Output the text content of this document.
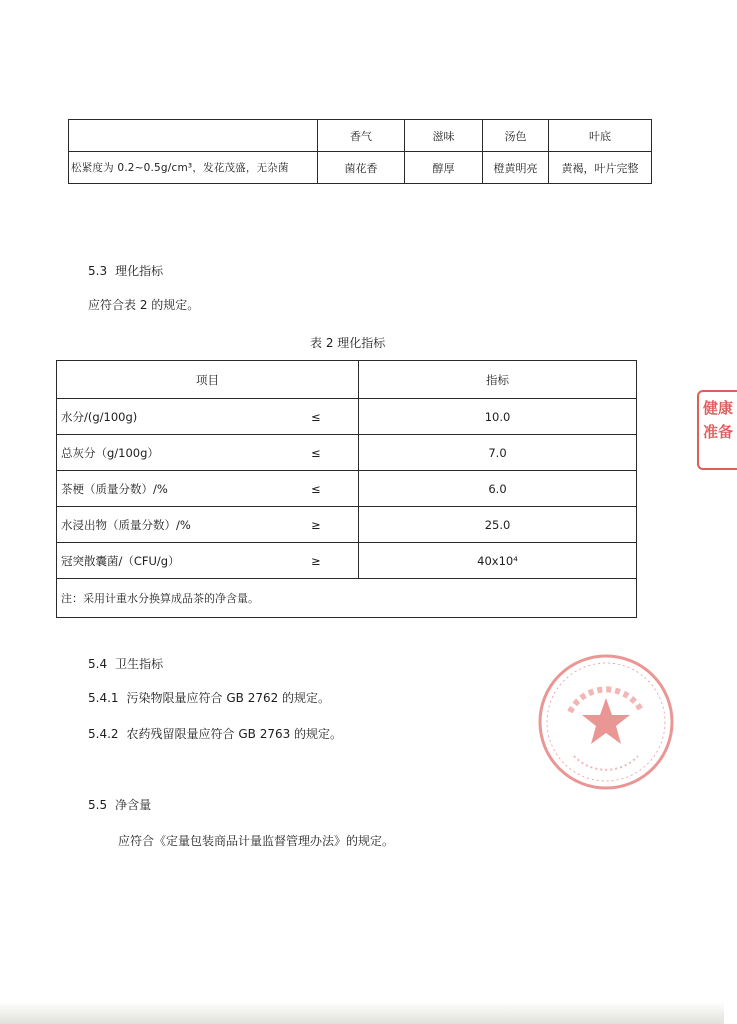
	香气	滋味	汤色	叶底
松紧度为 0.2~0.5g/cm³，发花茂盛，无杂菌	菌花香	醇厚	橙黄明亮	黄褐，叶片完整
5.3 理化指标
应符合表 2 的规定。
表 2 理化指标
项目	指标
水分/(g/100g) ≤	10.0
总灰分（g/100g） ≤	7.0
茶梗（质量分数）/% ≤	6.0
水浸出物（质量分数）/% ≥	25.0
冠突散囊菌/（CFU/g） ≥	40x10⁴
注：采用计重水分换算成品茶的净含量。	
5.4 卫生指标
5.4.1 污染物限量应符合 GB 2762 的规定。
5.4.2 农药残留限量应符合 GB 2763 的规定。
5.5 净含量
应符合《定量包装商品计量监督管理办法》的规定。
健康
准备
